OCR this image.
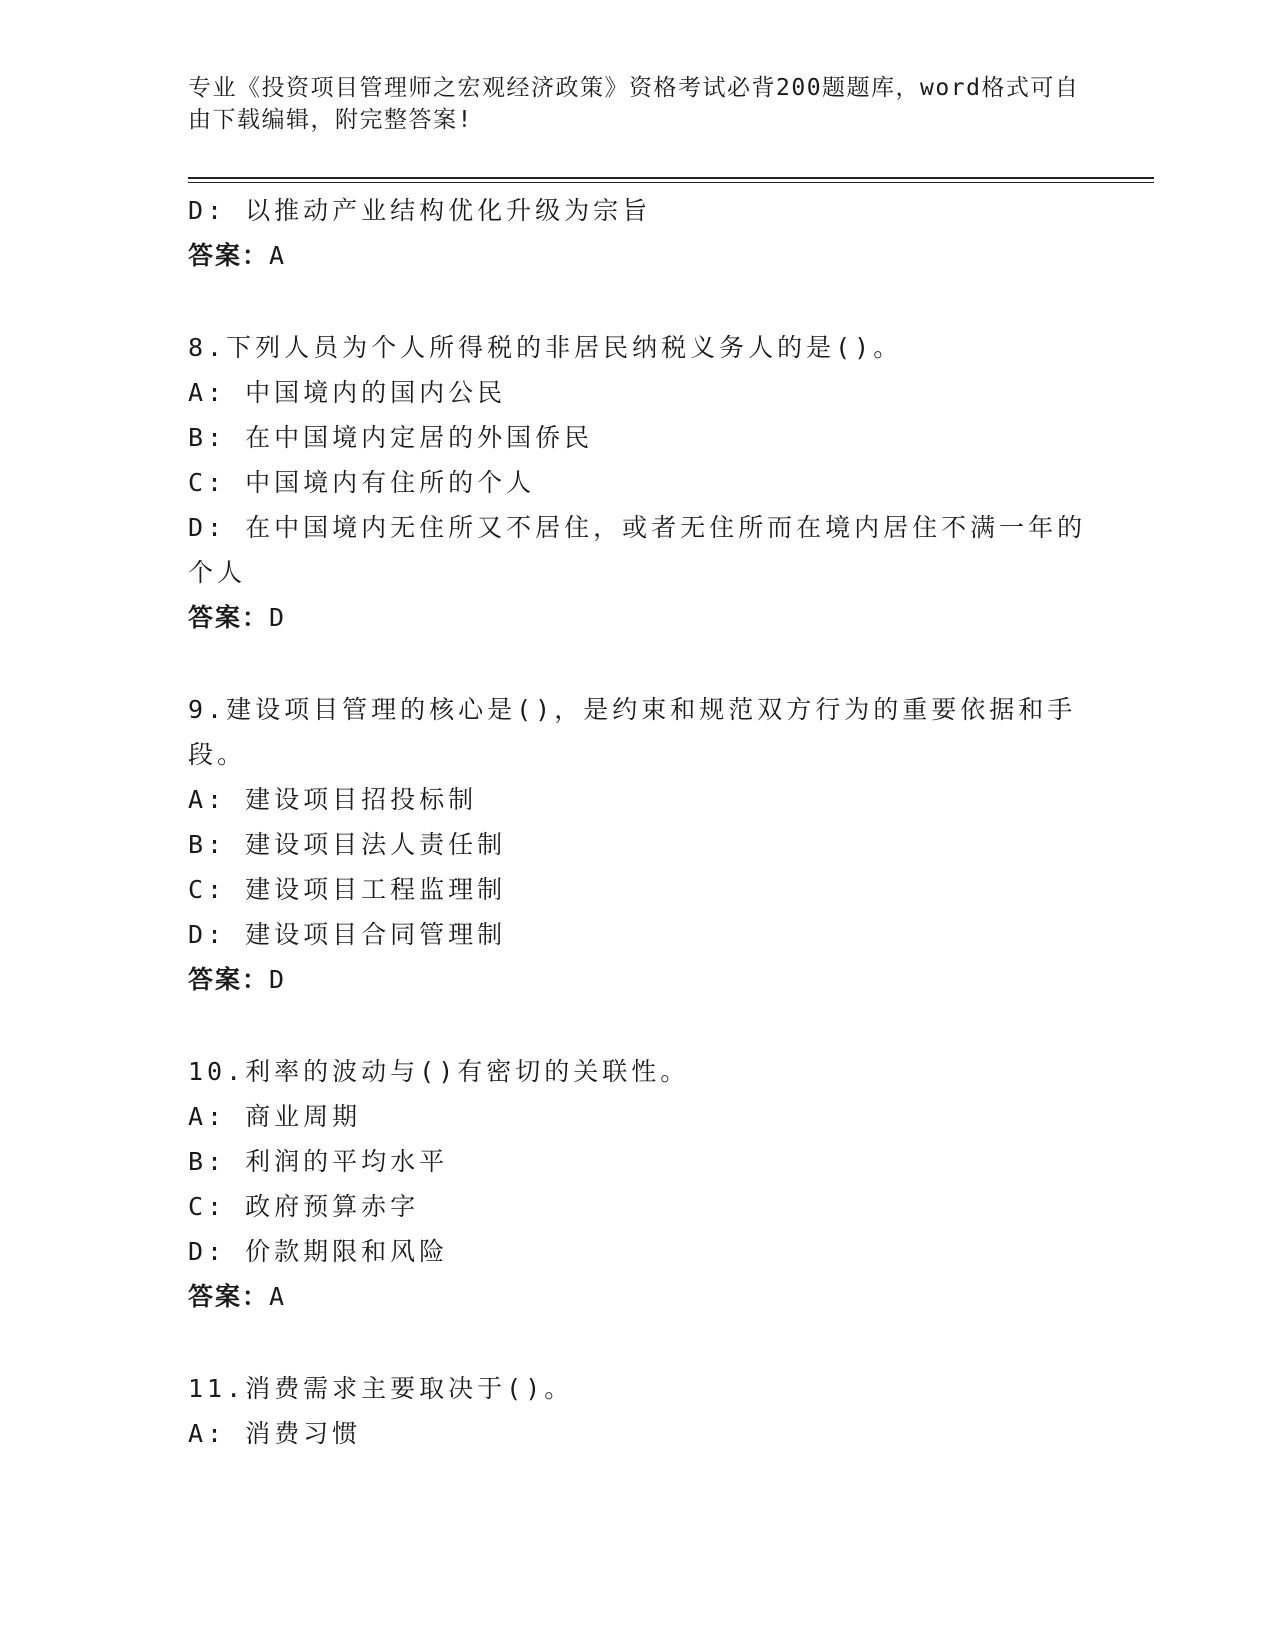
专业《投资项目管理师之宏观经济政策》资格考试必背200题题库，word格式可自由下载编辑，附完整答案!
D: 以推动产业结构优化升级为宗旨
答案：A
8.下列人员为个人所得税的非居民纳税义务人的是()。
A: 中国境内的国内公民
B: 在中国境内定居的外国侨民
C: 中国境内有住所的个人
D: 在中国境内无住所又不居住，或者无住所而在境内居住不满一年的个人
答案：D
9.建设项目管理的核心是()，是约束和规范双方行为的重要依据和手段。
A: 建设项目招投标制
B: 建设项目法人责任制
C: 建设项目工程监理制
D: 建设项目合同管理制
答案：D
10.利率的波动与()有密切的关联性。
A: 商业周期
B: 利润的平均水平
C: 政府预算赤字
D: 价款期限和风险
答案：A
11.消费需求主要取决于()。
A: 消费习惯
